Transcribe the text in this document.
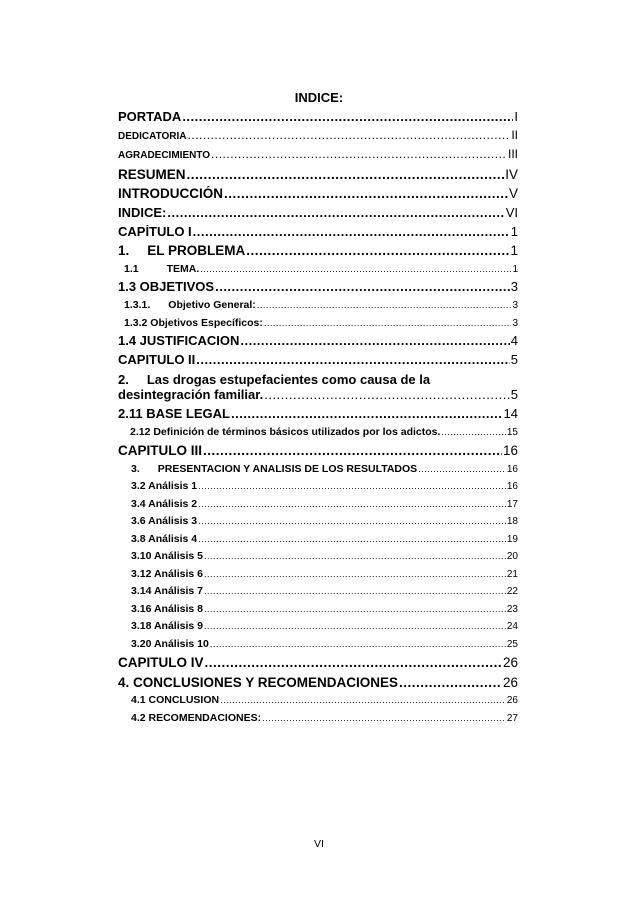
INDICE:
PORTADA .....	I
DEDICATORIA .....	II
AGRADECIMIENTO .....	III
RESUMEN .....	IV
INTRODUCCIÓN .....	V
INDICE: .....	VI
CAPÍTULO I .....	1
1. EL PROBLEMA .....	1
1.1	TEMA. .....	1
1.3 OBJETIVOS .....	3
1.3.1. Objetivo General: .....	3
1.3.2 Objetivos Específicos: .....	3
1.4 JUSTIFICACION .....	4
CAPITULO II .....	5
2. Las drogas estupefacientes como causa de la
desintegración familiar. .....	5
2.11 BASE LEGAL .....	14
2.12 Definición de términos básicos utilizados por los adictos. .....	15
CAPITULO III .....	16
3. PRESENTACION Y ANALISIS DE LOS RESULTADOS .....	16
3.2 Análisis 1 .....	16
3.4 Análisis 2 .....	17
3.6 Análisis 3 .....	18
3.8 Análisis 4 .....	19
3.10 Análisis 5 .....	20
3.12 Análisis 6 .....	21
3.14 Análisis 7 .....	22
3.16 Análisis 8 .....	23
3.18 Análisis 9 .....	24
3.20 Análisis 10 .....	25
CAPITULO IV .....	26
4. CONCLUSIONES Y RECOMENDACIONES .....	26
4.1 CONCLUSION .....	26
4.2 RECOMENDACIONES: .....	27
VI
